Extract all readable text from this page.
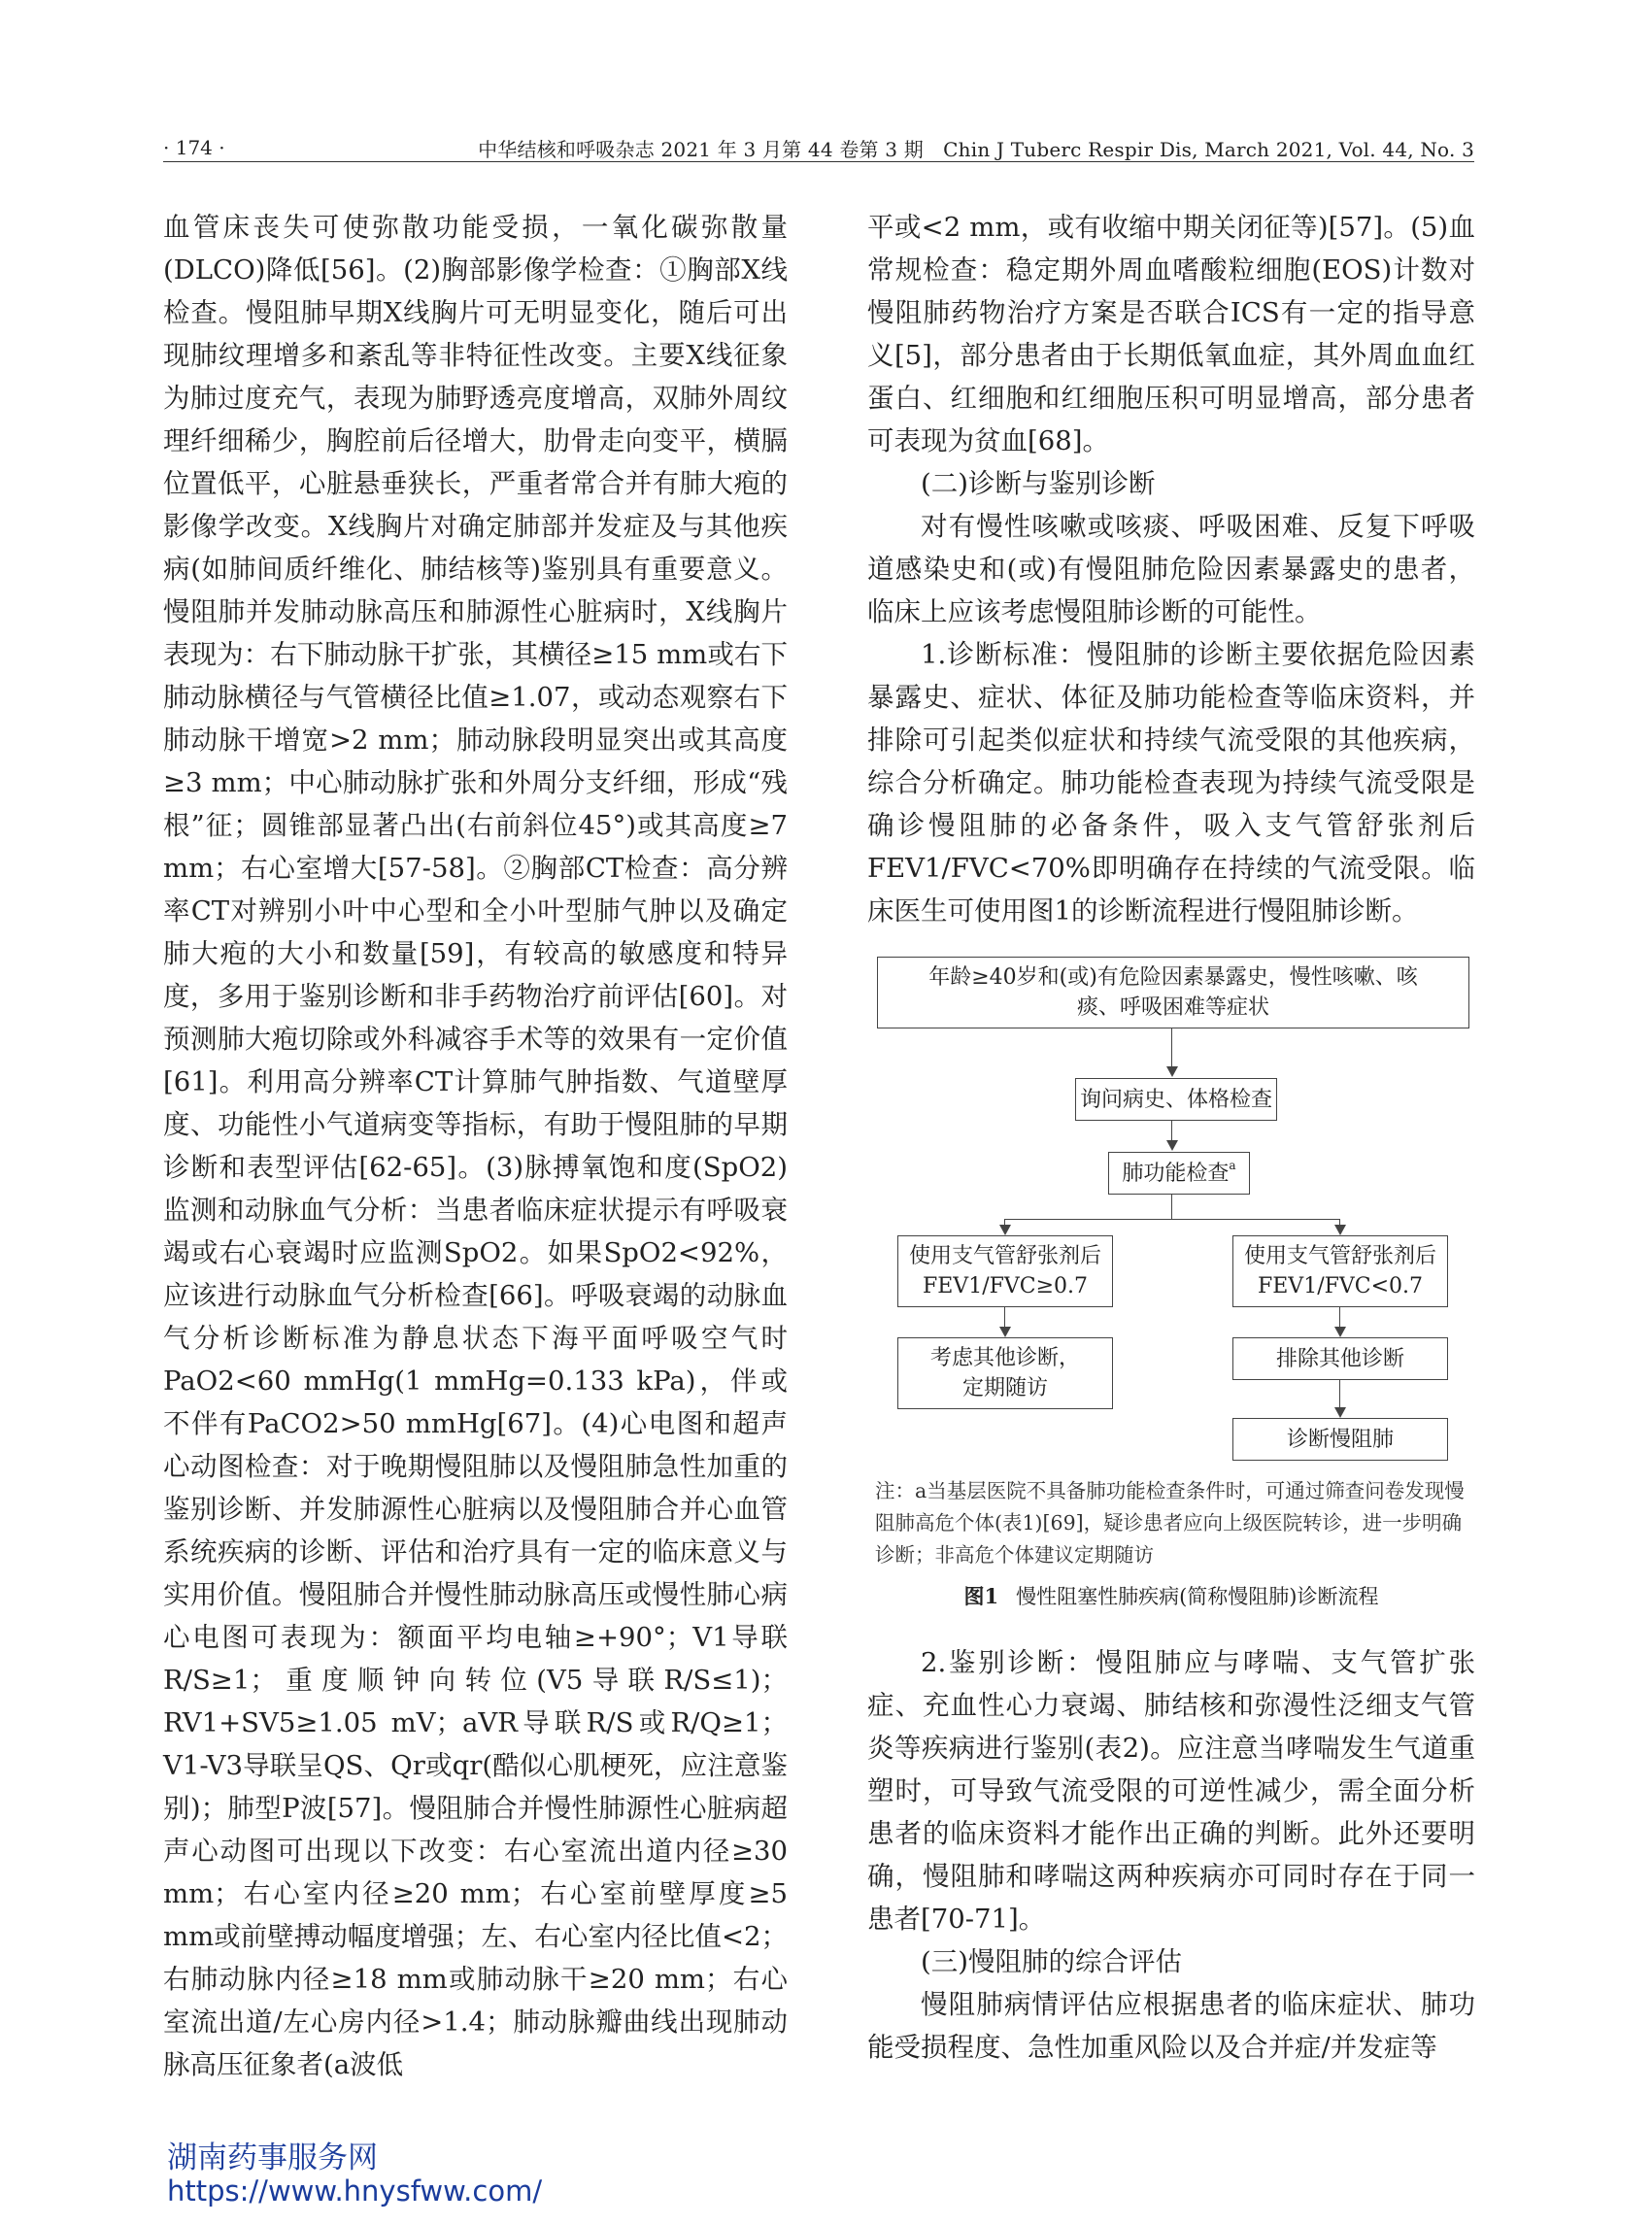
· 174 ·	中华结核和呼吸杂志 2021 年 3 月第 44 卷第 3 期　Chin J Tuberc Respir Dis, March 2021, Vol. 44, No. 3

血管床丧失可使弥散功能受损，一氧化碳弥散量(DLCO)降低[56]。(2)胸部影像学检查：①胸部X线检查。慢阻肺早期X线胸片可无明显变化，随后可出现肺纹理增多和紊乱等非特征性改变。主要X线征象为肺过度充气，表现为肺野透亮度增高，双肺外周纹理纤细稀少，胸腔前后径增大，肋骨走向变平，横膈位置低平，心脏悬垂狭长，严重者常合并有肺大疱的影像学改变。X线胸片对确定肺部并发症及与其他疾病(如肺间质纤维化、肺结核等)鉴别具有重要意义。慢阻肺并发肺动脉高压和肺源性心脏病时，X线胸片表现为：右下肺动脉干扩张，其横径≥15 mm或右下肺动脉横径与气管横径比值≥1.07，或动态观察右下肺动脉干增宽>2 mm；肺动脉段明显突出或其高度≥3 mm；中心肺动脉扩张和外周分支纤细，形成“残根”征；圆锥部显著凸出(右前斜位45°)或其高度≥7 mm；右心室增大[57-58]。②胸部CT检查：高分辨率CT对辨别小叶中心型和全小叶型肺气肿以及确定肺大疱的大小和数量[59]，有较高的敏感度和特异度，多用于鉴别诊断和非手药物治疗前评估[60]。对预测肺大疱切除或外科减容手术等的效果有一定价值[61]。利用高分辨率CT计算肺气肿指数、气道壁厚度、功能性小气道病变等指标，有助于慢阻肺的早期诊断和表型评估[62-65]。(3)脉搏氧饱和度(SpO2)监测和动脉血气分析：当患者临床症状提示有呼吸衰竭或右心衰竭时应监测SpO2。如果SpO2<92%，应该进行动脉血气分析检查[66]。呼吸衰竭的动脉血气分析诊断标准为静息状态下海平面呼吸空气时PaO2<60 mmHg(1 mmHg=0.133 kPa)，伴或不伴有PaCO2>50 mmHg[67]。(4)心电图和超声心动图检查：对于晚期慢阻肺以及慢阻肺急性加重的鉴别诊断、并发肺源性心脏病以及慢阻肺合并心血管系统疾病的诊断、评估和治疗具有一定的临床意义与实用价值。慢阻肺合并慢性肺动脉高压或慢性肺心病心电图可表现为：额面平均电轴≥+90°；V1导联R/S≥1；重度顺钟向转位(V5导联R/S≤1)；RV1+SV5≥1.05 mV；aVR导联R/S或R/Q≥1；V1-V3导联呈QS、Qr或qr(酷似心肌梗死，应注意鉴别)；肺型P波[57]。慢阻肺合并慢性肺源性心脏病超声心动图可出现以下改变：右心室流出道内径≥30 mm；右心室内径≥20 mm；右心室前壁厚度≥5 mm或前壁搏动幅度增强；左、右心室内径比值<2；右肺动脉内径≥18 mm或肺动脉干≥20 mm；右心室流出道/左心房内径>1.4；肺动脉瓣曲线出现肺动脉高压征象者(a波低

平或<2 mm，或有收缩中期关闭征等)[57]。(5)血常规检查：稳定期外周血嗜酸粒细胞(EOS)计数对慢阻肺药物治疗方案是否联合ICS有一定的指导意义[5]，部分患者由于长期低氧血症，其外周血血红蛋白、红细胞和红细胞压积可明显增高，部分患者可表现为贫血[68]。

(二)诊断与鉴别诊断

对有慢性咳嗽或咳痰、呼吸困难、反复下呼吸道感染史和(或)有慢阻肺危险因素暴露史的患者，临床上应该考虑慢阻肺诊断的可能性。

1.诊断标准：慢阻肺的诊断主要依据危险因素暴露史、症状、体征及肺功能检查等临床资料，并排除可引起类似症状和持续气流受限的其他疾病，综合分析确定。肺功能检查表现为持续气流受限是确诊慢阻肺的必备条件，吸入支气管舒张剂后FEV1/FVC<70%即明确存在持续的气流受限。临床医生可使用图1的诊断流程进行慢阻肺诊断。

年龄≥40岁和(或)有危险因素暴露史，慢性咳嗽、咳痰、呼吸困难等症状
询问病史、体格检查
肺功能检查$^a$
使用支气管舒张剂后 FEV1/FVC≥0.7
使用支气管舒张剂后 FEV1/FVC<0.7
考虑其他诊断，定期随访
排除其他诊断
诊断慢阻肺
注：a当基层医院不具备肺功能检查条件时，可通过筛查问卷发现慢阻肺高危个体(表1)[69]，疑诊患者应向上级医院转诊，进一步明确诊断；非高危个体建议定期随访
图1 慢性阻塞性肺疾病(简称慢阻肺)诊断流程

2.鉴别诊断：慢阻肺应与哮喘、支气管扩张症、充血性心力衰竭、肺结核和弥漫性泛细支气管炎等疾病进行鉴别(表2)。应注意当哮喘发生气道重塑时，可导致气流受限的可逆性减少，需全面分析患者的临床资料才能作出正确的判断。此外还要明确，慢阻肺和哮喘这两种疾病亦可同时存在于同一患者[70-71]。

(三)慢阻肺的综合评估

慢阻肺病情评估应根据患者的临床症状、肺功能受损程度、急性加重风险以及合并症/并发症等

湖南药事服务网
https://www.hnysfww.com/
